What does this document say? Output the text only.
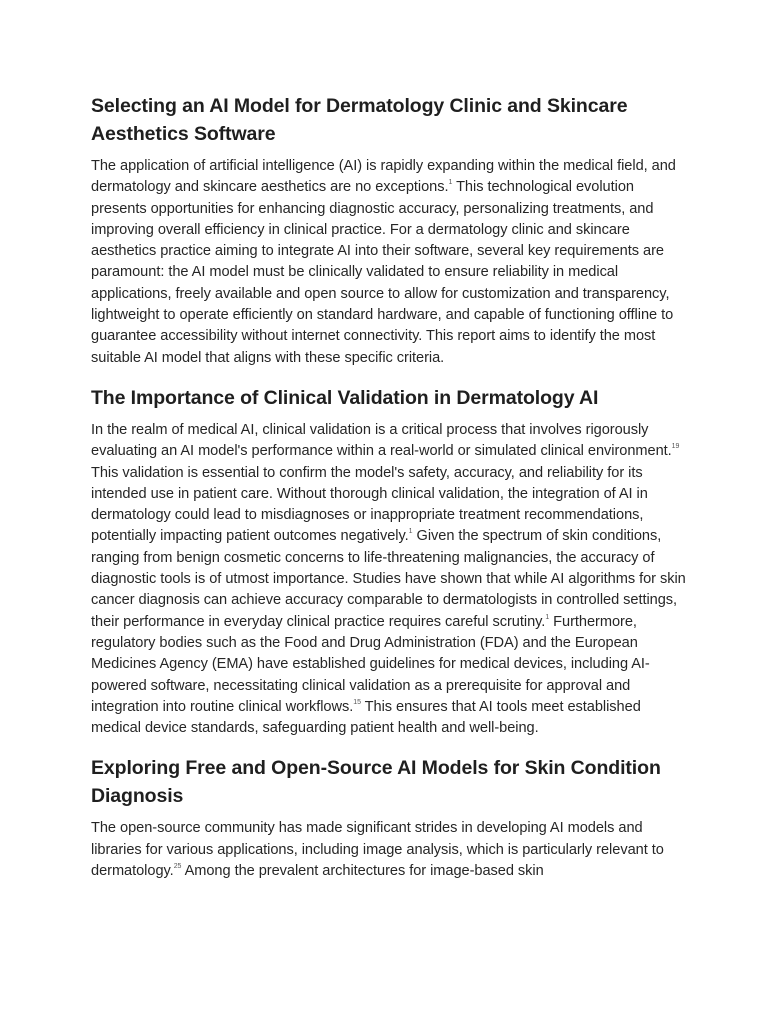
Selecting an AI Model for Dermatology Clinic and Skincare Aesthetics Software

The application of artificial intelligence (AI) is rapidly expanding within the medical field, and dermatology and skincare aesthetics are no exceptions.$^1$ This technological evolution presents opportunities for enhancing diagnostic accuracy, personalizing treatments, and improving overall efficiency in clinical practice. For a dermatology clinic and skincare aesthetics practice aiming to integrate AI into their software, several key requirements are paramount: the AI model must be clinically validated to ensure reliability in medical applications, freely available and open source to allow for customization and transparency, lightweight to operate efficiently on standard hardware, and capable of functioning offline to guarantee accessibility without internet connectivity. This report aims to identify the most suitable AI model that aligns with these specific criteria.

The Importance of Clinical Validation in Dermatology AI

In the realm of medical AI, clinical validation is a critical process that involves rigorously evaluating an AI model's performance within a real-world or simulated clinical environment.$^{19}$ This validation is essential to confirm the model's safety, accuracy, and reliability for its intended use in patient care. Without thorough clinical validation, the integration of AI in dermatology could lead to misdiagnoses or inappropriate treatment recommendations, potentially impacting patient outcomes negatively.$^1$ Given the spectrum of skin conditions, ranging from benign cosmetic concerns to life-threatening malignancies, the accuracy of diagnostic tools is of utmost importance. Studies have shown that while AI algorithms for skin cancer diagnosis can achieve accuracy comparable to dermatologists in controlled settings, their performance in everyday clinical practice requires careful scrutiny.$^1$ Furthermore, regulatory bodies such as the Food and Drug Administration (FDA) and the European Medicines Agency (EMA) have established guidelines for medical devices, including AI-powered software, necessitating clinical validation as a prerequisite for approval and integration into routine clinical workflows.$^{15}$ This ensures that AI tools meet established medical device standards, safeguarding patient health and well-being.

Exploring Free and Open-Source AI Models for Skin Condition Diagnosis

The open-source community has made significant strides in developing AI models and libraries for various applications, including image analysis, which is particularly relevant to dermatology.$^{25}$ Among the prevalent architectures for image-based skin
